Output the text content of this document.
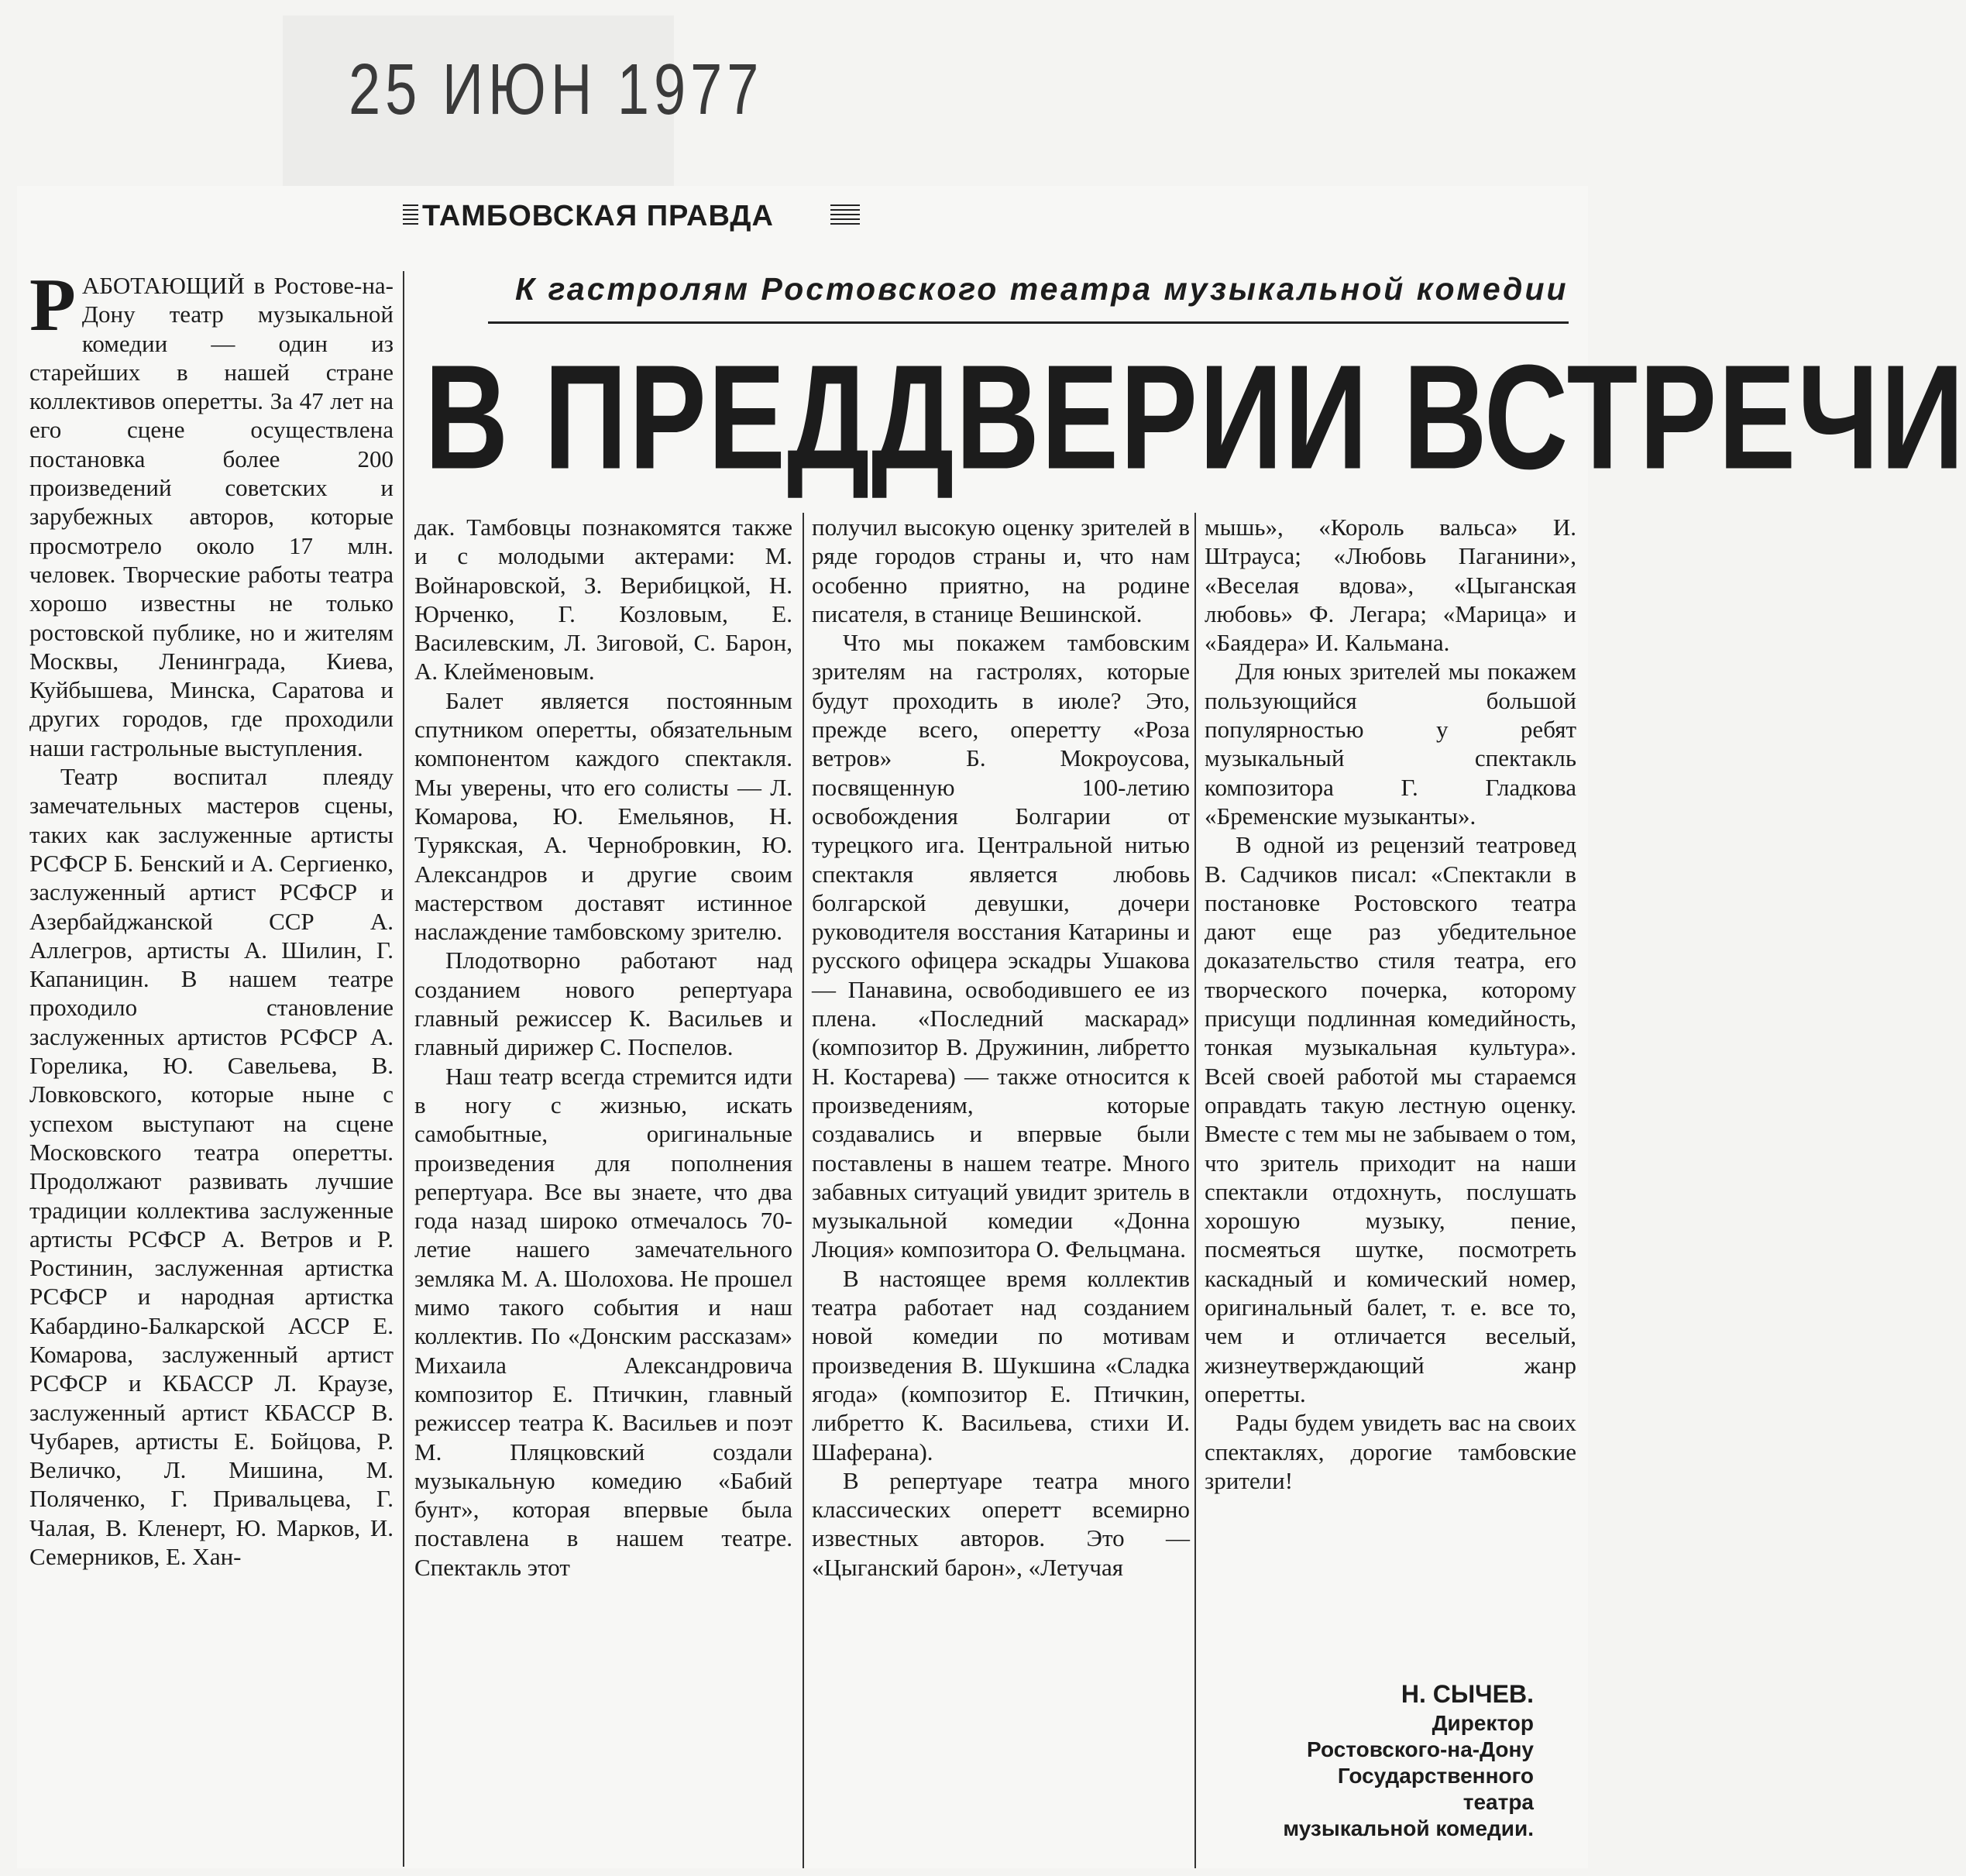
25 ИЮН 1977
ТАМБОВСКАЯ ПРАВДА
К гастролям Ростовского театра музыкальной комедии
В ПРЕДДВЕРИИ ВСТРЕЧИ

РАБОТАЮЩИЙ в Ростове-на-Дону театр музыкальной комедии — один из старейших в нашей стране коллективов оперетты. За 47 лет на его сцене осуществлена постановка более 200 произведений советских и зарубежных авторов, которые просмотрело около 17 млн. человек. Творческие работы театра хорошо известны не только ростовской публике, но и жителям Москвы, Ленинграда, Киева, Куйбышева, Минска, Саратова и других городов, где проходили наши гастрольные выступления.

Театр воспитал плеяду замечательных мастеров сцены, таких как заслуженные артисты РСФСР Б. Бенский и А. Сергиенко, заслуженный артист РСФСР и Азербайджанской ССР А. Аллегров, артисты А. Шилин, Г. Капаницин. В нашем театре проходило становление заслуженных артистов РСФСР А. Горелика, Ю. Савельева, В. Ловковского, которые ныне с успехом выступают на сцене Московского театра оперетты. Продолжают развивать лучшие традиции коллектива заслуженные артисты РСФСР А. Ветров и Р. Ростинин, заслуженная артистка РСФСР и народная артистка Кабардино-Балкарской АССР Е. Комарова, заслуженный артист РСФСР и КБАССР Л. Краузе, заслуженный артист КБАССР В. Чубарев, артисты Е. Бойцова, Р. Величко, Л. Мишина, М. Поляченко, Г. Привальцева, Г. Чалая, В. Кленерт, Ю. Марков, И. Семерников, Е. Хан-

дак. Тамбовцы познакомятся также и с молодыми актерами: М. Войнаровской, З. Верибицкой, Н. Юрченко, Г. Козловым, Е. Василевским, Л. Зиговой, С. Барон, А. Клейменовым.

Балет является постоянным спутником оперетты, обязательным компонентом каждого спектакля. Мы уверены, что его солисты — Л. Комарова, Ю. Емельянов, Н. Турякская, А. Чернобровкин, Ю. Александров и другие своим мастерством доставят истинное наслаждение тамбовскому зрителю.

Плодотворно работают над созданием нового репертуара главный режиссер К. Васильев и главный дирижер С. Поспелов.

Наш театр всегда стремится идти в ногу с жизнью, искать самобытные, оригинальные произведения для пополнения репертуара. Все вы знаете, что два года назад широко отмечалось 70-летие нашего замечательного земляка М. А. Шолохова. Не прошел мимо такого события и наш коллектив. По «Донским рассказам» Михаила Александровича композитор Е. Птичкин, главный режиссер театра К. Васильев и поэт М. Пляцковский создали музыкальную комедию «Бабий бунт», которая впервые была поставлена в нашем театре. Спектакль этот

получил высокую оценку зрителей в ряде городов страны и, что нам особенно приятно, на родине писателя, в станице Вешинской.

Что мы покажем тамбовским зрителям на гастролях, которые будут проходить в июле? Это, прежде всего, оперетту «Роза ветров» Б. Мокроусова, посвященную 100-летию освобождения Болгарии от турецкого ига. Центральной нитью спектакля является любовь болгарской девушки, дочери руководителя восстания Катарины и русского офицера эскадры Ушакова — Панавина, освободившего ее из плена. «Последний маскарад» (композитор В. Дружинин, либретто Н. Костарева) — также относится к произведениям, которые создавались и впервые были поставлены в нашем театре. Много забавных ситуаций увидит зритель в музыкальной комедии «Донна Люция» композитора О. Фельцмана.

В настоящее время коллектив театра работает над созданием новой комедии по мотивам произведения В. Шукшина «Сладка ягода» (композитор Е. Птичкин, либретто К. Васильева, стихи И. Шаферана).

В репертуаре театра много классических оперетт всемирно известных авторов. Это — «Цыганский барон», «Летучая

мышь», «Король вальса» И. Штрауса; «Любовь Паганини», «Веселая вдова», «Цыганская любовь» Ф. Легара; «Марица» и «Баядера» И. Кальмана.

Для юных зрителей мы покажем пользующийся большой популярностью у ребят музыкальный спектакль композитора Г. Гладкова «Бременские музыканты».

В одной из рецензий театровед В. Садчиков писал: «Спектакли в постановке Ростовского театра дают еще раз убедительное доказательство стиля театра, его творческого почерка, которому присущи подлинная комедийность, тонкая музыкальная культура». Всей своей работой мы стараемся оправдать такую лестную оценку. Вместе с тем мы не забываем о том, что зритель приходит на наши спектакли отдохнуть, послушать хорошую музыку, пение, посмеяться шутке, посмотреть каскадный и комический номер, оригинальный балет, т. е. все то, чем и отличается веселый, жизнеутверждающий жанр оперетты.

Рады будем увидеть вас на своих спектаклях, дорогие тамбовские зрители!

Н. СЫЧЕВ.
Директор
Ростовского-на-Дону
Государственного
театра
музыкальной комедии.
